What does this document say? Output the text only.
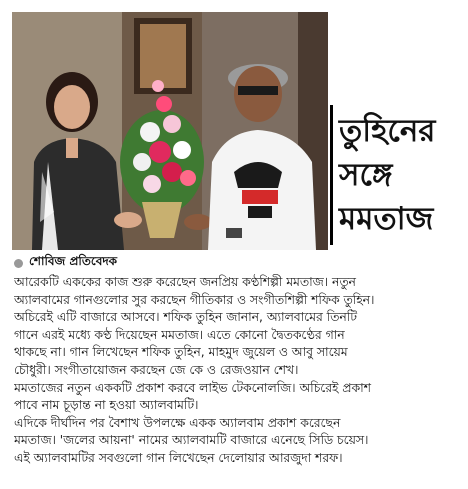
তুহিনের
সঙ্গে
মমতাজ
শোবিজ প্রতিবেদক

আরেকটি এককের কাজ শুরু করেছেন জনপ্রিয় কণ্ঠশিল্পী মমতাজ। নতুন

অ্যালবামের গানগুলোর সুর করছেন গীতিকার ও সংগীতশিল্পী শফিক তুহিন।

অচিরেই এটি বাজারে আসবে। শফিক তুহিন জানান, অ্যালবামের তিনটি

গানে এরই মধ্যে কণ্ঠ দিয়েছেন মমতাজ। এতে কোনো দ্বৈতকণ্ঠের গান

থাকছে না। গান লিখেছেন শফিক তুহিন, মাহমুদ জুয়েল ও আবু সায়েম

চৌধুরী। সংগীতায়োজন করছেন জে কে ও রেজওয়ান শেখ।

মমতাজের নতুন এককটি প্রকাশ করবে লাইভ টেকনোলজি। অচিরেই প্রকাশ

পাবে নাম চূড়ান্ত না হওয়া অ্যালবামটি।

এদিকে দীর্ঘদিন পর বৈশাখ উপলক্ষে একক অ্যালবাম প্রকাশ করেছেন

মমতাজ। 'জলের আয়না' নামের অ্যালবামটি বাজারে এনেছে সিডি চয়েস।

এই অ্যালবামটির সবগুলো গান লিখেছেন দেলোয়ার আরজুদা শরফ।
